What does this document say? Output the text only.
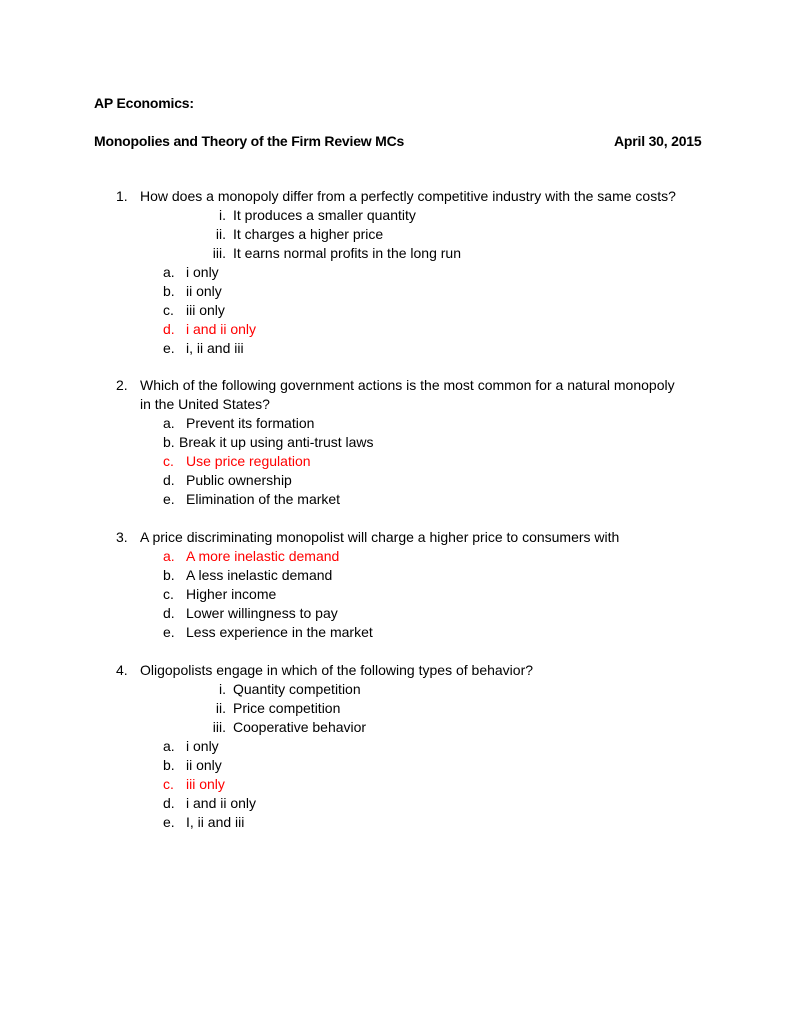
AP Economics:
Monopolies and Theory of the Firm Review MCs	April 30, 2015
1. How does a monopoly differ from a perfectly competitive industry with the same costs?
i. It produces a smaller quantity
ii. It charges a higher price
iii. It earns normal profits in the long run
a. i only
b. ii only
c. iii only
d. i and ii only
e. i, ii and iii
2. Which of the following government actions is the most common for a natural monopoly
in the United States?
a. Prevent its formation
b. Break it up using anti-trust laws
c. Use price regulation
d. Public ownership
e. Elimination of the market
3. A price discriminating monopolist will charge a higher price to consumers with
a. A more inelastic demand
b. A less inelastic demand
c. Higher income
d. Lower willingness to pay
e. Less experience in the market
4. Oligopolists engage in which of the following types of behavior?
i. Quantity competition
ii. Price competition
iii. Cooperative behavior
a. i only
b. ii only
c. iii only
d. i and ii only
e. I, ii and iii
